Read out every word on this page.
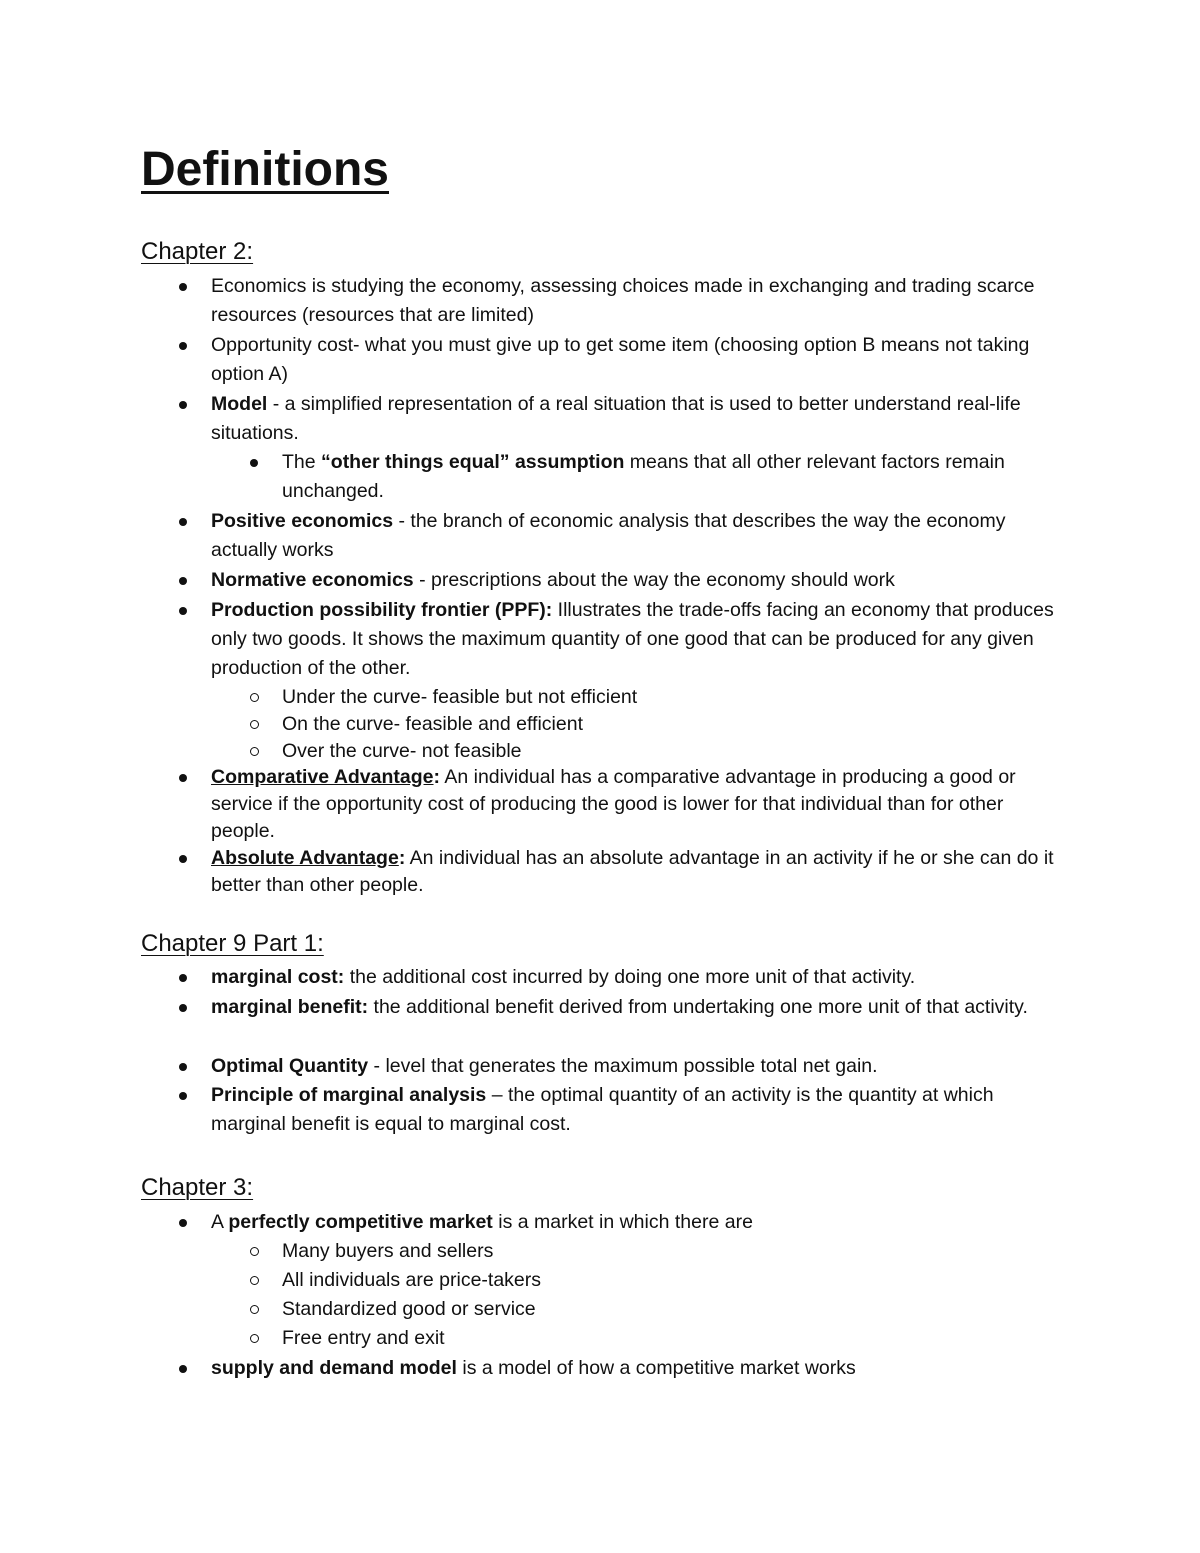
Definitions
Chapter 2:
Economics is studying the economy, assessing choices made in exchanging and trading scarce resources (resources that are limited)
Opportunity cost- what you must give up to get some item (choosing option B means not taking option A)
Model - a simplified representation of a real situation that is used to better understand real-life situations.
The “other things equal” assumption means that all other relevant factors remain unchanged.
Positive economics - the branch of economic analysis that describes the way the economy actually works
Normative economics - prescriptions about the way the economy should work
Production possibility frontier (PPF): Illustrates the trade-offs facing an economy that produces only two goods. It shows the maximum quantity of one good that can be produced for any given production of the other.
Under the curve- feasible but not efficient
On the curve- feasible and efficient
Over the curve- not feasible
Comparative Advantage: An individual has a comparative advantage in producing a good or service if the opportunity cost of producing the good is lower for that individual than for other people.
Absolute Advantage: An individual has an absolute advantage in an activity if he or she can do it better than other people.
Chapter 9 Part 1:
marginal cost: the additional cost incurred by doing one more unit of that activity.
marginal benefit: the additional benefit derived from undertaking one more unit of that activity.
Optimal Quantity - level that generates the maximum possible total net gain.
Principle of marginal analysis – the optimal quantity of an activity is the quantity at which marginal benefit is equal to marginal cost.
Chapter 3:
A perfectly competitive market is a market in which there are
Many buyers and sellers
All individuals are price-takers
Standardized good or service
Free entry and exit
supply and demand model is a model of how a competitive market works
